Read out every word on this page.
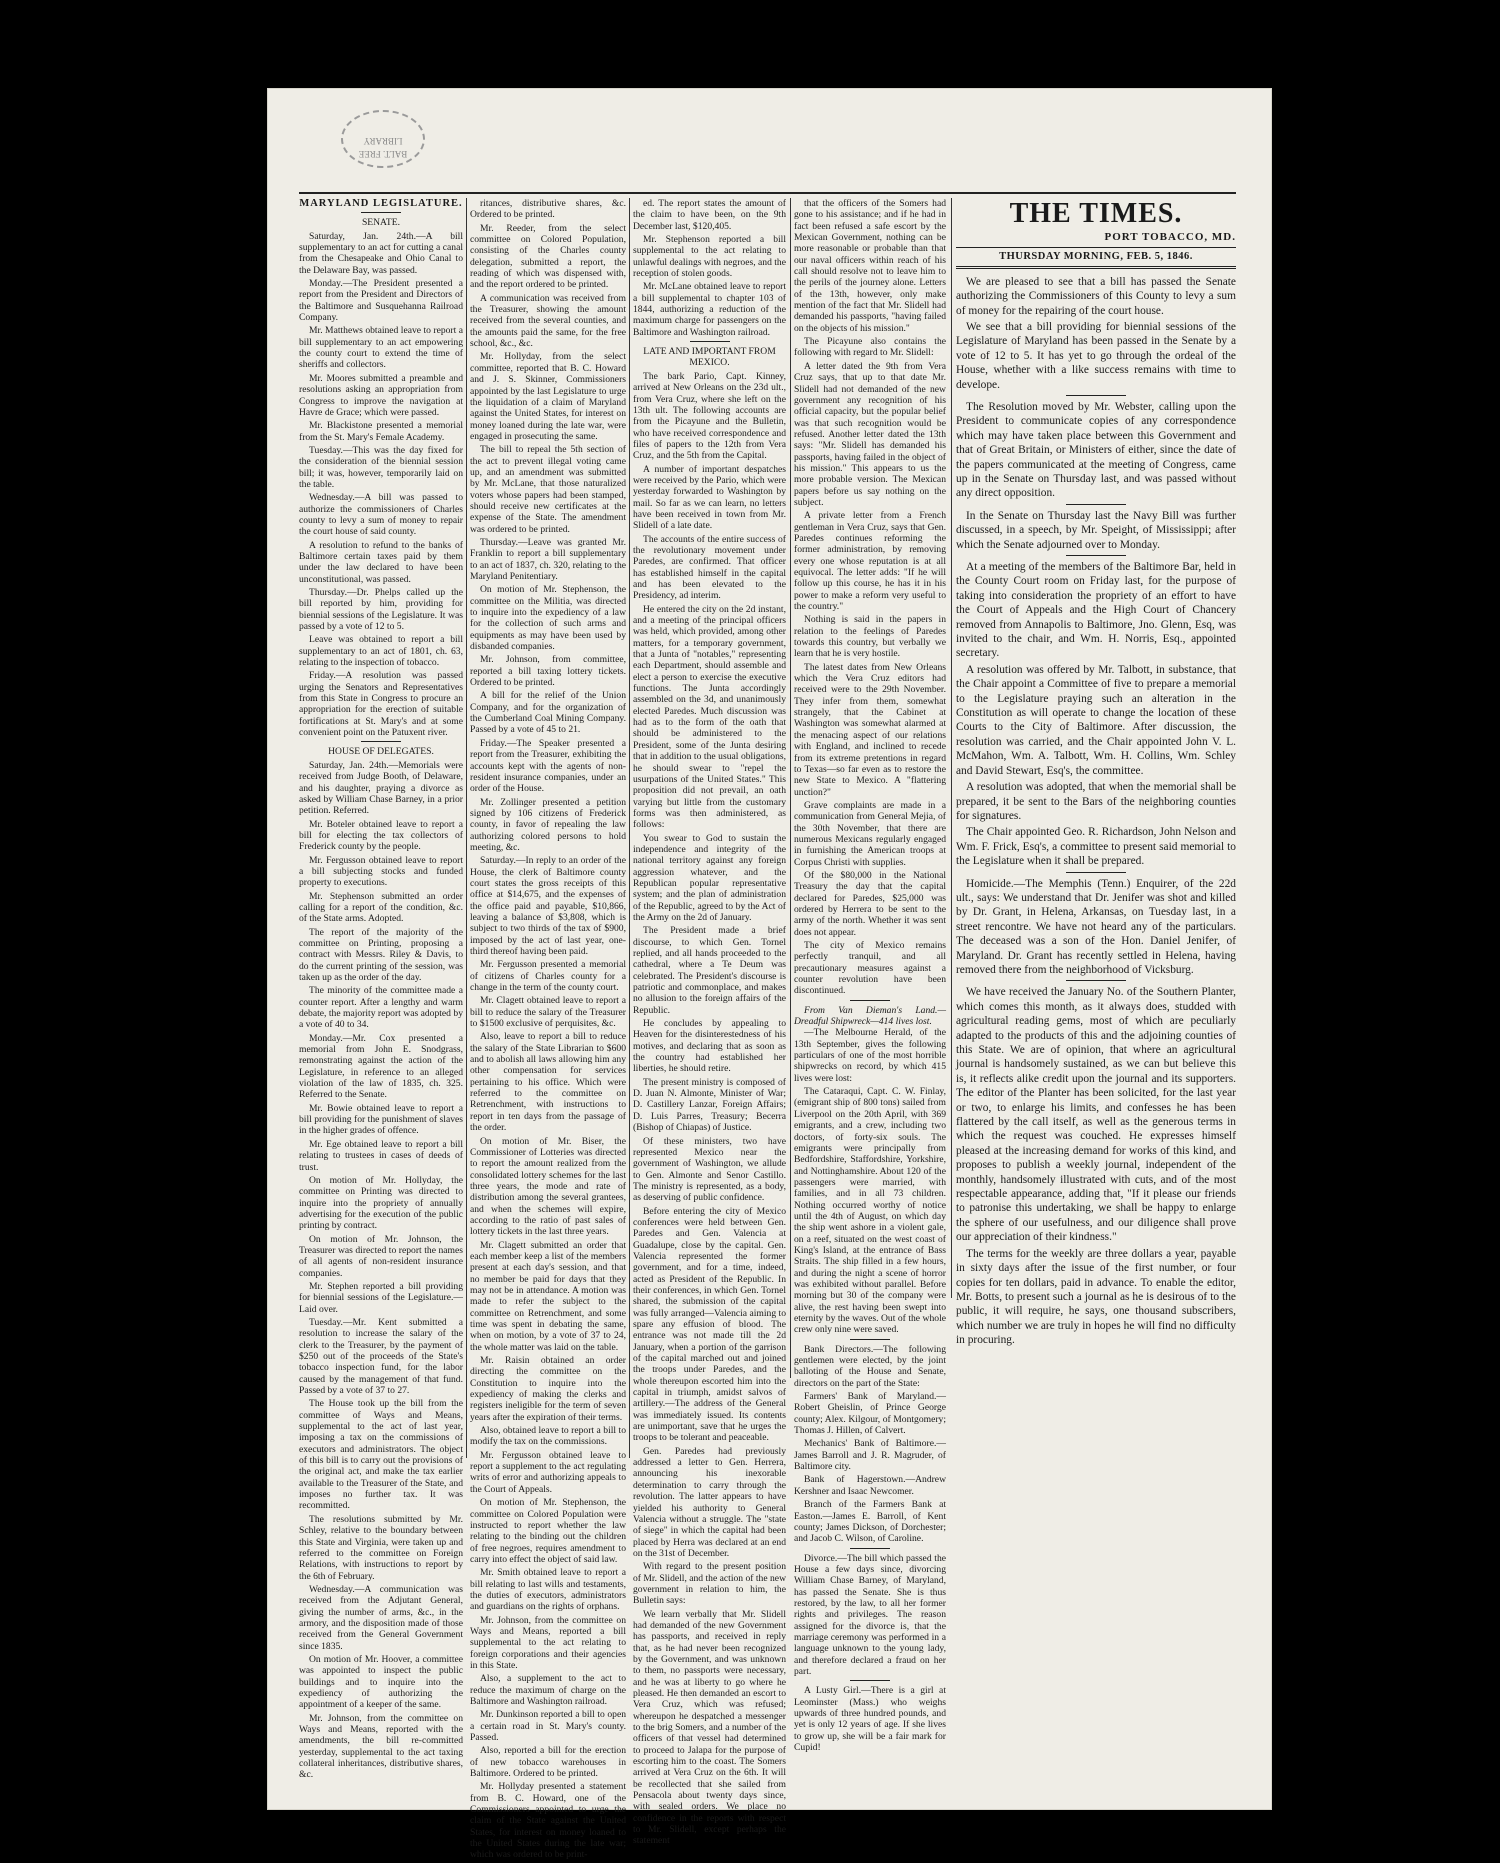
BALT. FREE LIBRARY

MARYLAND LEGISLATURE.

SENATE.

Saturday, Jan. 24th.—A bill supplementary to an act for cutting a canal from the Chesapeake and Ohio Canal to the Delaware Bay, was passed.

Monday.—The President presented a report from the President and Directors of the Baltimore and Susquehanna Railroad Company.

Mr. Matthews obtained leave to report a bill supplementary to an act empowering the county court to extend the time of sheriffs and collectors.

Mr. Moores submitted a preamble and resolutions asking an appropriation from Congress to improve the navigation at Havre de Grace; which were passed.

Mr. Blackistone presented a memorial from the St. Mary's Female Academy.

Tuesday.—This was the day fixed for the consideration of the biennial session bill; it was, however, temporarily laid on the table.

Wednesday.—A bill was passed to authorize the commissioners of Charles county to levy a sum of money to repair the court house of said county.

A resolution to refund to the banks of Baltimore certain taxes paid by them under the law declared to have been unconstitutional, was passed.

Thursday.—Dr. Phelps called up the bill reported by him, providing for biennial sessions of the Legislature. It was passed by a vote of 12 to 5.

Leave was obtained to report a bill supplementary to an act of 1801, ch. 63, relating to the inspection of tobacco.

Friday.—A resolution was passed urging the Senators and Representatives from this State in Congress to procure an appropriation for the erection of suitable fortifications at St. Mary's and at some convenient point on the Patuxent river.

HOUSE OF DELEGATES.

Saturday, Jan. 24th.—Memorials were received from Judge Booth, of Delaware, and his daughter, praying a divorce as asked by William Chase Barney, in a prior petition. Referred.

Mr. Boteler obtained leave to report a bill for electing the tax collectors of Frederick county by the people.

Mr. Fergusson obtained leave to report a bill subjecting stocks and funded property to executions.

Mr. Stephenson submitted an order calling for a report of the condition, &c. of the State arms. Adopted.

The report of the majority of the committee on Printing, proposing a contract with Messrs. Riley & Davis, to do the current printing of the session, was taken up as the order of the day.

The minority of the committee made a counter report. After a lengthy and warm debate, the majority report was adopted by a vote of 40 to 34.

Monday.—Mr. Cox presented a memorial from John E. Snodgrass, remonstrating against the action of the Legislature, in reference to an alleged violation of the law of 1835, ch. 325. Referred to the Senate.

Mr. Bowie obtained leave to report a bill providing for the punishment of slaves in the higher grades of offence.

Mr. Ege obtained leave to report a bill relating to trustees in cases of deeds of trust.

On motion of Mr. Hollyday, the committee on Printing was directed to inquire into the propriety of annually advertising for the execution of the public printing by contract.

On motion of Mr. Johnson, the Treasurer was directed to report the names of all agents of non-resident insurance companies.

Mr. Stephen reported a bill providing for biennial sessions of the Legislature.—Laid over.

Tuesday.—Mr. Kent submitted a resolution to increase the salary of the clerk to the Treasurer, by the payment of $250 out of the proceeds of the State's tobacco inspection fund, for the labor caused by the management of that fund. Passed by a vote of 37 to 27.

The House took up the bill from the committee of Ways and Means, supplemental to the act of last year, imposing a tax on the commissions of executors and administrators. The object of this bill is to carry out the provisions of the original act, and make the tax earlier available to the Treasurer of the State, and imposes no further tax. It was recommitted.

The resolutions submitted by Mr. Schley, relative to the boundary between this State and Virginia, were taken up and referred to the committee on Foreign Relations, with instructions to report by the 6th of February.

Wednesday.—A communication was received from the Adjutant General, giving the number of arms, &c., in the armory, and the disposition made of those received from the General Government since 1835.

On motion of Mr. Hoover, a committee was appointed to inspect the public buildings and to inquire into the expediency of authorizing the appointment of a keeper of the same.

Mr. Johnson, from the committee on Ways and Means, reported with the amendments, the bill re-committed yesterday, supplemental to the act taxing collateral inheritances, distributive shares, &c.

ritances, distributive shares, &c. Ordered to be printed.

Mr. Reeder, from the select committee on Colored Population, consisting of the Charles county delegation, submitted a report, the reading of which was dispensed with, and the report ordered to be printed.

A communication was received from the Treasurer, showing the amount received from the several counties, and the amounts paid the same, for the free school, &c., &c.

Mr. Hollyday, from the select committee, reported that B. C. Howard and J. S. Skinner, Commissioners appointed by the last Legislature to urge the liquidation of a claim of Maryland against the United States, for interest on money loaned during the late war, were engaged in prosecuting the same.

The bill to repeal the 5th section of the act to prevent illegal voting came up, and an amendment was submitted by Mr. McLane, that those naturalized voters whose papers had been stamped, should receive new certificates at the expense of the State. The amendment was ordered to be printed.

Thursday.—Leave was granted Mr. Franklin to report a bill supplementary to an act of 1837, ch. 320, relating to the Maryland Penitentiary.

On motion of Mr. Stephenson, the committee on the Militia, was directed to inquire into the expediency of a law for the collection of such arms and equipments as may have been used by disbanded companies.

Mr. Johnson, from committee, reported a bill taxing lottery tickets. Ordered to be printed.

A bill for the relief of the Union Company, and for the organization of the Cumberland Coal Mining Company. Passed by a vote of 45 to 21.

Friday.—The Speaker presented a report from the Treasurer, exhibiting the accounts kept with the agents of non-resident insurance companies, under an order of the House.

Mr. Zollinger presented a petition signed by 106 citizens of Frederick county, in favor of repealing the law authorizing colored persons to hold meeting, &c.

Saturday.—In reply to an order of the House, the clerk of Baltimore county court states the gross receipts of this office at $14,675, and the expenses of the office paid and payable, $10,866, leaving a balance of $3,808, which is subject to two thirds of the tax of $900, imposed by the act of last year, one-third thereof having been paid.

Mr. Fergusson presented a memorial of citizens of Charles county for a change in the term of the county court.

Mr. Clagett obtained leave to report a bill to reduce the salary of the Treasurer to $1500 exclusive of perquisites, &c.

Also, leave to report a bill to reduce the salary of the State Librarian to $600 and to abolish all laws allowing him any other compensation for services pertaining to his office. Which were referred to the committee on Retrenchment, with instructions to report in ten days from the passage of the order.

On motion of Mr. Biser, the Commissioner of Lotteries was directed to report the amount realized from the consolidated lottery schemes for the last three years, the mode and rate of distribution among the several grantees, and when the schemes will expire, according to the ratio of past sales of lottery tickets in the last three years.

Mr. Clagett submitted an order that each member keep a list of the members present at each day's session, and that no member be paid for days that they may not be in attendance. A motion was made to refer the subject to the committee on Retrenchment, and some time was spent in debating the same, when on motion, by a vote of 37 to 24, the whole matter was laid on the table.

Mr. Raisin obtained an order directing the committee on the Constitution to inquire into the expediency of making the clerks and registers ineligible for the term of seven years after the expiration of their terms.

Also, obtained leave to report a bill to modify the tax on the commissions.

Mr. Fergusson obtained leave to report a supplement to the act regulating writs of error and authorizing appeals to the Court of Appeals.

On motion of Mr. Stephenson, the committee on Colored Population were instructed to report whether the law relating to the binding out the children of free negroes, requires amendment to carry into effect the object of said law.

Mr. Smith obtained leave to report a bill relating to last wills and testaments, the duties of executors, administrators and guardians on the rights of orphans.

Mr. Johnson, from the committee on Ways and Means, reported a bill supplemental to the act relating to foreign corporations and their agencies in this State.

Also, a supplement to the act to reduce the maximum of charge on the Baltimore and Washington railroad.

Mr. Dunkinson reported a bill to open a certain road in St. Mary's county. Passed.

Also, reported a bill for the erection of new tobacco warehouses in Baltimore. Ordered to be printed.

Mr. Hollyday presented a statement from B. C. Howard, one of the Commissioners appointed to urge the claim of the State against the United States, for interest on money loaned to the United States during the late war; which was ordered to be print-

ed. The report states the amount of the claim to have been, on the 9th December last, $120,405.

Mr. Stephenson reported a bill supplemental to the act relating to unlawful dealings with negroes, and the reception of stolen goods.

Mr. McLane obtained leave to report a bill supplemental to chapter 103 of 1844, authorizing a reduction of the maximum charge for passengers on the Baltimore and Washington railroad.

LATE AND IMPORTANT FROM MEXICO.

The bark Pario, Capt. Kinney, arrived at New Orleans on the 23d ult., from Vera Cruz, where she left on the 13th ult. The following accounts are from the Picayune and the Bulletin, who have received correspondence and files of papers to the 12th from Vera Cruz, and the 5th from the Capital.

A number of important despatches were received by the Pario, which were yesterday forwarded to Washington by mail. So far as we can learn, no letters have been received in town from Mr. Slidell of a late date.

The accounts of the entire success of the revolutionary movement under Paredes, are confirmed. That officer has established himself in the capital and has been elevated to the Presidency, ad interim.

He entered the city on the 2d instant, and a meeting of the principal officers was held, which provided, among other matters, for a temporary government, that a Junta of "notables," representing each Department, should assemble and elect a person to exercise the executive functions. The Junta accordingly assembled on the 3d, and unanimously elected Paredes. Much discussion was had as to the form of the oath that should be administered to the President, some of the Junta desiring that in addition to the usual obligations, he should swear to "repel the usurpations of the United States." This proposition did not prevail, an oath varying but little from the customary forms was then administered, as follows:

You swear to God to sustain the independence and integrity of the national territory against any foreign aggression whatever, and the Republican popular representative system; and the plan of administration of the Republic, agreed to by the Act of the Army on the 2d of January.

The President made a brief discourse, to which Gen. Tornel replied, and all hands proceeded to the cathedral, where a Te Deum was celebrated. The President's discourse is patriotic and commonplace, and makes no allusion to the foreign affairs of the Republic.

He concludes by appealing to Heaven for the disinterestedness of his motives, and declaring that as soon as the country had established her liberties, he should retire.

The present ministry is composed of D. Juan N. Almonte, Minister of War; D. Castillery Lanzar, Foreign Affairs; D. Luis Parres, Treasury; Becerra (Bishop of Chiapas) of Justice.

Of these ministers, two have represented Mexico near the government of Washington, we allude to Gen. Almonte and Senor Castillo. The ministry is represented, as a body, as deserving of public confidence.

Before entering the city of Mexico conferences were held between Gen. Paredes and Gen. Valencia at Guadalupe, close by the capital. Gen. Valencia represented the former government, and for a time, indeed, acted as President of the Republic. In their conferences, in which Gen. Tornel shared, the submission of the capital was fully arranged—Valencia aiming to spare any effusion of blood. The entrance was not made till the 2d January, when a portion of the garrison of the capital marched out and joined the troops under Paredes, and the whole thereupon escorted him into the capital in triumph, amidst salvos of artillery.—The address of the General was immediately issued. Its contents are unimportant, save that he urges the troops to be tolerant and peaceable.

Gen. Paredes had previously addressed a letter to Gen. Herrera, announcing his inexorable determination to carry through the revolution. The latter appears to have yielded his authority to General Valencia without a struggle. The "state of siege" in which the capital had been placed by Herra was declared at an end on the 31st of December.

With regard to the present position of Mr. Slidell, and the action of the new government in relation to him, the Bulletin says:

We learn verbally that Mr. Slidell had demanded of the new Government has passports, and received in reply that, as he had never been recognized by the Government, and was unknown to them, no passports were necessary, and he was at liberty to go where he pleased. He then demanded an escort to Vera Cruz, which was refused; whereupon he despatched a messenger to the brig Somers, and a number of the officers of that vessel had determined to proceed to Jalapa for the purpose of escorting him to the coast. The Somers arrived at Vera Cruz on the 6th. It will be recollected that she sailed from Pensacola about twenty days since, with sealed orders. We place no confidence in the reports with respect to Mr. Slidell, except perhaps the statement

that the officers of the Somers had gone to his assistance; and if he had in fact been refused a safe escort by the Mexican Government, nothing can be more reasonable or probable than that our naval officers within reach of his call should resolve not to leave him to the perils of the journey alone. Letters of the 13th, however, only make mention of the fact that Mr. Slidell had demanded his passports, "having failed on the objects of his mission."

The Picayune also contains the following with regard to Mr. Slidell:

A letter dated the 9th from Vera Cruz says, that up to that date Mr. Slidell had not demanded of the new government any recognition of his official capacity, but the popular belief was that such recognition would be refused. Another letter dated the 13th says: "Mr. Slidell has demanded his passports, having failed in the object of his mission." This appears to us the more probable version. The Mexican papers before us say nothing on the subject.

A private letter from a French gentleman in Vera Cruz, says that Gen. Paredes continues reforming the former administration, by removing every one whose reputation is at all equivocal. The letter adds: "If he will follow up this course, he has it in his power to make a reform very useful to the country."

Nothing is said in the papers in relation to the feelings of Paredes towards this country, but verbally we learn that he is very hostile.

The latest dates from New Orleans which the Vera Cruz editors had received were to the 29th November. They infer from them, somewhat strangely, that the Cabinet at Washington was somewhat alarmed at the menacing aspect of our relations with England, and inclined to recede from its extreme pretentions in regard to Texas—so far even as to restore the new State to Mexico. A "flattering unction?"

Grave complaints are made in a communication from General Mejia, of the 30th November, that there are numerous Mexicans regularly engaged in furnishing the American troops at Corpus Christi with supplies.

Of the $80,000 in the National Treasury the day that the capital declared for Paredes, $25,000 was ordered by Herrera to be sent to the army of the north. Whether it was sent does not appear.

The city of Mexico remains perfectly tranquil, and all precautionary measures against a counter revolution have been discontinued.

From Van Dieman's Land.—Dreadful Shipwreck—414 lives lost.

—The Melbourne Herald, of the 13th September, gives the following particulars of one of the most horrible shipwrecks on record, by which 415 lives were lost:

The Cataraqui, Capt. C. W. Finlay, (emigrant ship of 800 tons) sailed from Liverpool on the 20th April, with 369 emigrants, and a crew, including two doctors, of forty-six souls. The emigrants were principally from Bedfordshire, Staffordshire, Yorkshire, and Nottinghamshire. About 120 of the passengers were married, with families, and in all 73 children. Nothing occurred worthy of notice until the 4th of August, on which day the ship went ashore in a violent gale, on a reef, situated on the west coast of King's Island, at the entrance of Bass Straits. The ship filled in a few hours, and during the night a scene of horror was exhibited without parallel. Before morning but 30 of the company were alive, the rest having been swept into eternity by the waves. Out of the whole crew only nine were saved.

Bank Directors.—The following gentlemen were elected, by the joint balloting of the House and Senate, directors on the part of the State:

Farmers' Bank of Maryland.—Robert Gheislin, of Prince George county; Alex. Kilgour, of Montgomery; Thomas J. Hillen, of Calvert.

Mechanics' Bank of Baltimore.—James Barroll and J. R. Magruder, of Baltimore city.

Bank of Hagerstown.—Andrew Kershner and Isaac Newcomer.

Branch of the Farmers Bank at Easton.—James E. Barroll, of Kent county; James Dickson, of Dorchester; and Jacob C. Wilson, of Caroline.

Divorce.—The bill which passed the House a few days since, divorcing William Chase Barney, of Maryland, has passed the Senate. She is thus restored, by the law, to all her former rights and privileges. The reason assigned for the divorce is, that the marriage ceremony was performed in a language unknown to the young lady, and therefore declared a fraud on her part.

A Lusty Girl.—There is a girl at Leominster (Mass.) who weighs upwards of three hundred pounds, and yet is only 12 years of age. If she lives to grow up, she will be a fair mark for Cupid!

THE TIMES.
PORT TOBACCO, MD.
THURSDAY MORNING, FEB. 5, 1846.

We are pleased to see that a bill has passed the Senate authorizing the Commissioners of this County to levy a sum of money for the repairing of the court house.

We see that a bill providing for biennial sessions of the Legislature of Maryland has been passed in the Senate by a vote of 12 to 5. It has yet to go through the ordeal of the House, whether with a like success remains with time to develope.

The Resolution moved by Mr. Webster, calling upon the President to communicate copies of any correspondence which may have taken place between this Government and that of Great Britain, or Ministers of either, since the date of the papers communicated at the meeting of Congress, came up in the Senate on Thursday last, and was passed without any direct opposition.

In the Senate on Thursday last the Navy Bill was further discussed, in a speech, by Mr. Speight, of Mississippi; after which the Senate adjourned over to Monday.

At a meeting of the members of the Baltimore Bar, held in the County Court room on Friday last, for the purpose of taking into consideration the propriety of an effort to have the Court of Appeals and the High Court of Chancery removed from Annapolis to Baltimore, Jno. Glenn, Esq, was invited to the chair, and Wm. H. Norris, Esq., appointed secretary.

A resolution was offered by Mr. Talbott, in substance, that the Chair appoint a Committee of five to prepare a memorial to the Legislature praying such an alteration in the Constitution as will operate to change the location of these Courts to the City of Baltimore. After discussion, the resolution was carried, and the Chair appointed John V. L. McMahon, Wm. A. Talbott, Wm. H. Collins, Wm. Schley and David Stewart, Esq's, the committee.

A resolution was adopted, that when the memorial shall be prepared, it be sent to the Bars of the neighboring counties for signatures.

The Chair appointed Geo. R. Richardson, John Nelson and Wm. F. Frick, Esq's, a committee to present said memorial to the Legislature when it shall be prepared.

Homicide.—The Memphis (Tenn.) Enquirer, of the 22d ult., says: We understand that Dr. Jenifer was shot and killed by Dr. Grant, in Helena, Arkansas, on Tuesday last, in a street rencontre. We have not heard any of the particulars. The deceased was a son of the Hon. Daniel Jenifer, of Maryland. Dr. Grant has recently settled in Helena, having removed there from the neighborhood of Vicksburg.

We have received the January No. of the Southern Planter, which comes this month, as it always does, studded with agricultural reading gems, most of which are peculiarly adapted to the products of this and the adjoining counties of this State. We are of opinion, that where an agricultural journal is handsomely sustained, as we can but believe this is, it reflects alike credit upon the journal and its supporters. The editor of the Planter has been solicited, for the last year or two, to enlarge his limits, and confesses he has been flattered by the call itself, as well as the generous terms in which the request was couched. He expresses himself pleased at the increasing demand for works of this kind, and proposes to publish a weekly journal, independent of the monthly, handsomely illustrated with cuts, and of the most respectable appearance, adding that, "If it please our friends to patronise this undertaking, we shall be happy to enlarge the sphere of our usefulness, and our diligence shall prove our appreciation of their kindness."

The terms for the weekly are three dollars a year, payable in sixty days after the issue of the first number, or four copies for ten dollars, paid in advance. To enable the editor, Mr. Botts, to present such a journal as he is desirous of to the public, it will require, he says, one thousand subscribers, which number we are truly in hopes he will find no difficulty in procuring.
